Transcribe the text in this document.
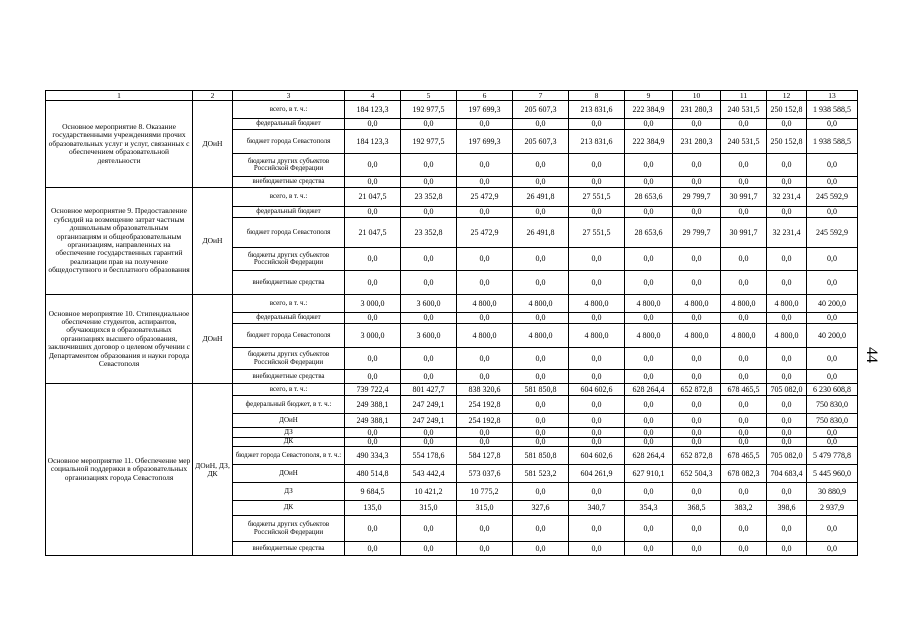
1	2	3	4	5	6	7	8	9	10	11	12	13
Основное мероприятие 8. Оказание государственными учреждениями прочих образовательных услуг и услуг, связанных с обеспечением образовательной деятельности	ДОиН	всего, в т. ч.:	184 123,3	192 977,5	197 699,3	205 607,3	213 831,6	222 384,9	231 280,3	240 531,5	250 152,8	1 938 588,5
		федеральный бюджет	0,0	0,0	0,0	0,0	0,0	0,0	0,0	0,0	0,0	0,0
		бюджет города Севастополя	184 123,3	192 977,5	197 699,3	205 607,3	213 831,6	222 384,9	231 280,3	240 531,5	250 152,8	1 938 588,5
		бюджеты других субъектов Российской Федерации	0,0	0,0	0,0	0,0	0,0	0,0	0,0	0,0	0,0	0,0
		внебюджетные средства	0,0	0,0	0,0	0,0	0,0	0,0	0,0	0,0	0,0	0,0
Основное мероприятие 9. Предоставление субсидий на возмещение затрат частным дошкольным образовательным организациям и общеобразовательным организациям, направленных на обеспечение государственных гарантий реализации прав на получение общедоступного и бесплатного образования	ДОиН	всего, в т. ч.:	21 047,5	23 352,8	25 472,9	26 491,8	27 551,5	28 653,6	29 799,7	30 991,7	32 231,4	245 592,9
		федеральный бюджет	0,0	0,0	0,0	0,0	0,0	0,0	0,0	0,0	0,0	0,0
		бюджет города Севастополя	21 047,5	23 352,8	25 472,9	26 491,8	27 551,5	28 653,6	29 799,7	30 991,7	32 231,4	245 592,9
		бюджеты других субъектов Российской Федерации	0,0	0,0	0,0	0,0	0,0	0,0	0,0	0,0	0,0	0,0
		внебюджетные средства	0,0	0,0	0,0	0,0	0,0	0,0	0,0	0,0	0,0	0,0
Основное мероприятие 10. Стипендиальное обеспечение студентов, аспирантов, обучающихся в образовательных организациях высшего образования, заключивших договор о целевом обучении с Департаментом образования и науки города Севастополя	ДОиН	всего, в т. ч.:	3 000,0	3 600,0	4 800,0	4 800,0	4 800,0	4 800,0	4 800,0	4 800,0	4 800,0	40 200,0
		федеральный бюджет	0,0	0,0	0,0	0,0	0,0	0,0	0,0	0,0	0,0	0,0
		бюджет города Севастополя	3 000,0	3 600,0	4 800,0	4 800,0	4 800,0	4 800,0	4 800,0	4 800,0	4 800,0	40 200,0
		бюджеты других субъектов Российской Федерации	0,0	0,0	0,0	0,0	0,0	0,0	0,0	0,0	0,0	0,0
		внебюджетные средства	0,0	0,0	0,0	0,0	0,0	0,0	0,0	0,0	0,0	0,0
Основное мероприятие 11. Обеспечение мер социальной поддержки в образовательных организациях города Севастополя	ДОиН, ДЗ, ДК	всего, в т. ч.:	739 722,4	801 427,7	838 320,6	581 850,8	604 602,6	628 264,4	652 872,8	678 465,5	705 082,0	6 230 608,8
		федеральный бюджет, в т. ч.:	249 388,1	247 249,1	254 192,8	0,0	0,0	0,0	0,0	0,0	0,0	750 830,0
		ДОиН	249 388,1	247 249,1	254 192,8	0,0	0,0	0,0	0,0	0,0	0,0	750 830,0
		ДЗ	0,0	0,0	0,0	0,0	0,0	0,0	0,0	0,0	0,0	0,0
		ДК	0,0	0,0	0,0	0,0	0,0	0,0	0,0	0,0	0,0	0,0
		бюджет города Севастополя, в т. ч.:	490 334,3	554 178,6	584 127,8	581 850,8	604 602,6	628 264,4	652 872,8	678 465,5	705 082,0	5 479 778,8
		ДОиН	480 514,8	543 442,4	573 037,6	581 523,2	604 261,9	627 910,1	652 504,3	678 082,3	704 683,4	5 445 960,0
		ДЗ	9 684,5	10 421,2	10 775,2	0,0	0,0	0,0	0,0	0,0	0,0	30 880,9
		ДК	135,0	315,0	315,0	327,6	340,7	354,3	368,5	383,2	398,6	2 937,9
		бюджеты других субъектов Российской Федерации	0,0	0,0	0,0	0,0	0,0	0,0	0,0	0,0	0,0	0,0
		внебюджетные средства	0,0	0,0	0,0	0,0	0,0	0,0	0,0	0,0	0,0	0,0
44
